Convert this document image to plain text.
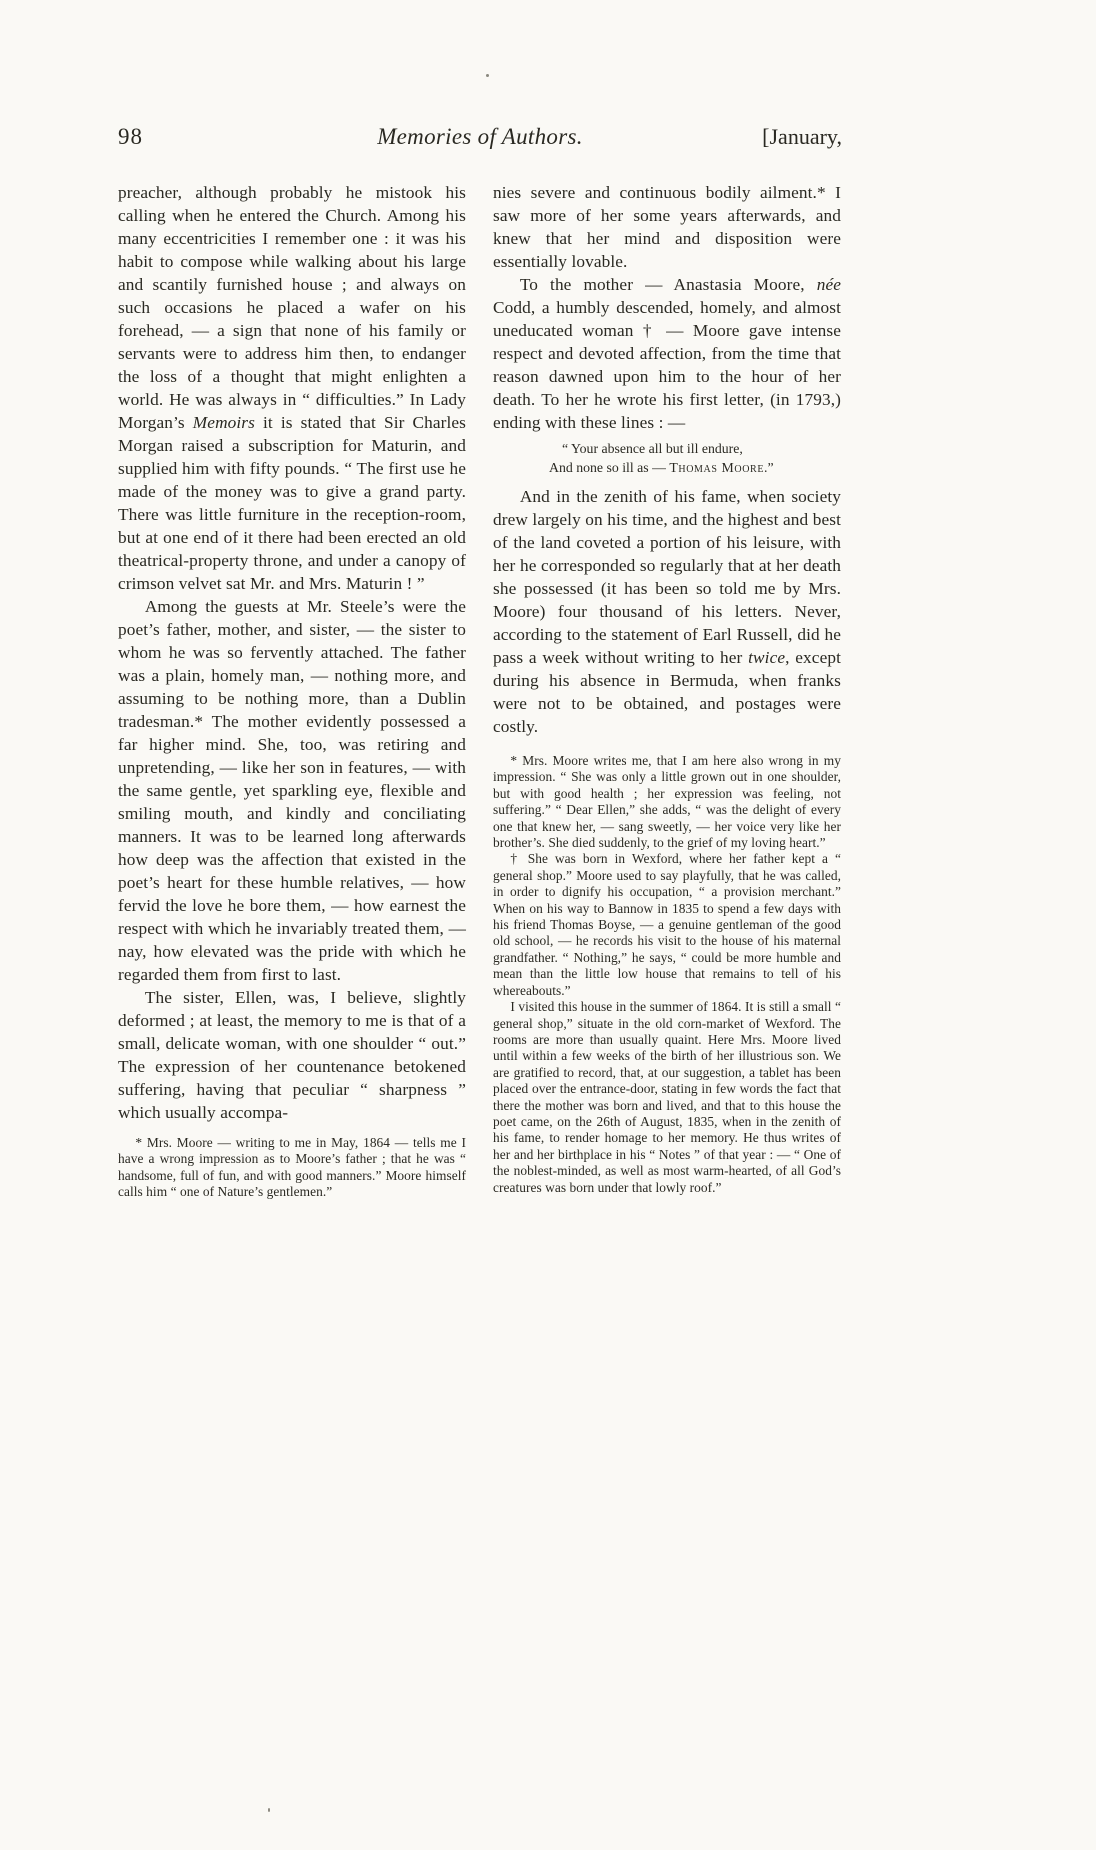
98	Memories of Authors.	[January,

preacher, although probably he mistook his calling when he entered the Church. Among his many eccentricities I remember one : it was his habit to compose while walking about his large and scantily furnished house ; and always on such occasions he placed a wafer on his forehead, — a sign that none of his family or servants were to address him then, to endanger the loss of a thought that might enlighten a world. He was always in “ difficulties.” In Lady Morgan’s Memoirs it is stated that Sir Charles Morgan raised a subscription for Maturin, and supplied him with fifty pounds. “ The first use he made of the money was to give a grand party. There was little furniture in the reception-room, but at one end of it there had been erected an old theatrical-property throne, and under a canopy of crimson velvet sat Mr. and Mrs. Maturin ! ”

Among the guests at Mr. Steele’s were the poet’s father, mother, and sister, — the sister to whom he was so fervently attached. The father was a plain, homely man, — nothing more, and assuming to be nothing more, than a Dublin tradesman.* The mother evidently possessed a far higher mind. She, too, was retiring and unpretending, — like her son in features, — with the same gentle, yet sparkling eye, flexible and smiling mouth, and kindly and conciliating manners. It was to be learned long afterwards how deep was the affection that existed in the poet’s heart for these humble relatives, — how fervid the love he bore them, — how earnest the respect with which he invariably treated them, — nay, how elevated was the pride with which he regarded them from first to last.

The sister, Ellen, was, I believe, slightly deformed ; at least, the memory to me is that of a small, delicate woman, with one shoulder “ out.” The expression of her countenance betokened suffering, having that peculiar “ sharpness ” which usually accompa-

* Mrs. Moore — writing to me in May, 1864 — tells me I have a wrong impression as to Moore’s father ; that he was “ handsome, full of fun, and with good manners.” Moore himself calls him “ one of Nature’s gentlemen.”

nies severe and continuous bodily ailment.* I saw more of her some years afterwards, and knew that her mind and disposition were essentially lovable.

To the mother — Anastasia Moore, née Codd, a humbly descended, homely, and almost uneducated woman † — Moore gave intense respect and devoted affection, from the time that reason dawned upon him to the hour of her death. To her he wrote his first letter, (in 1793,) ending with these lines : —

“ Your absence all but ill endure,
And none so ill as — Thomas Moore.”

And in the zenith of his fame, when society drew largely on his time, and the highest and best of the land coveted a portion of his leisure, with her he corresponded so regularly that at her death she possessed (it has been so told me by Mrs. Moore) four thousand of his letters. Never, according to the statement of Earl Russell, did he pass a week without writing to her twice, except during his absence in Bermuda, when franks were not to be obtained, and postages were costly.

* Mrs. Moore writes me, that I am here also wrong in my impression. “ She was only a little grown out in one shoulder, but with good health ; her expression was feeling, not suffering.” “ Dear Ellen,” she adds, “ was the delight of every one that knew her, — sang sweetly, — her voice very like her brother’s. She died suddenly, to the grief of my loving heart.”

† She was born in Wexford, where her father kept a “ general shop.” Moore used to say playfully, that he was called, in order to dignify his occupation, “ a provision merchant.” When on his way to Bannow in 1835 to spend a few days with his friend Thomas Boyse, — a genuine gentleman of the good old school, — he records his visit to the house of his maternal grandfather. “ Nothing,” he says, “ could be more humble and mean than the little low house that remains to tell of his whereabouts.”

I visited this house in the summer of 1864. It is still a small “ general shop,” situate in the old corn-market of Wexford. The rooms are more than usually quaint. Here Mrs. Moore lived until within a few weeks of the birth of her illustrious son. We are gratified to record, that, at our suggestion, a tablet has been placed over the entrance-door, stating in few words the fact that there the mother was born and lived, and that to this house the poet came, on the 26th of August, 1835, when in the zenith of his fame, to render homage to her memory. He thus writes of her and her birthplace in his “ Notes ” of that year : — “ One of the noblest-minded, as well as most warm-hearted, of all God’s creatures was born under that lowly roof.”
